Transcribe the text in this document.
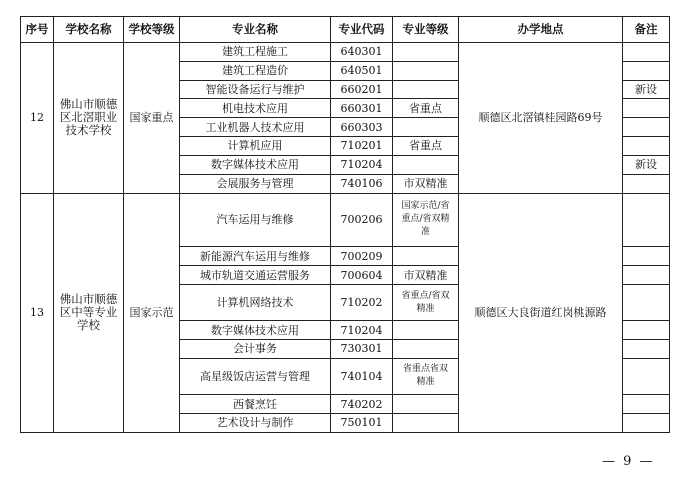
序号	学校名称	学校等级	专业名称	专业代码	专业等级	办学地点	备注
12	佛山市顺德区北滘职业技术学校	国家重点	建筑工程施工	640301		顺德区北滘镇桂园路69号	
			建筑工程造价	640501			
			智能设备运行与维护	660201			新设
			机电技术应用	660301	省重点		
			工业机器人技术应用	660303			
			计算机应用	710201	省重点		
			数字媒体技术应用	710204			新设
			会展服务与管理	740106	市双精准		
13	佛山市顺德区中等专业学校	国家示范	汽车运用与维修	700206	国家示范/省重点/省双精准	顺德区大良街道红岗桃源路	
			新能源汽车运用与维修	700209			
			城市轨道交通运营服务	700604	市双精准		
			计算机网络技术	710202	省重点/省双精准		
			数字媒体技术应用	710204			
			会计事务	730301			
			高星级饭店运营与管理	740104	省重点省双精准		
			西餐烹饪	740202			
			艺术设计与制作	750101			
— 9 —
